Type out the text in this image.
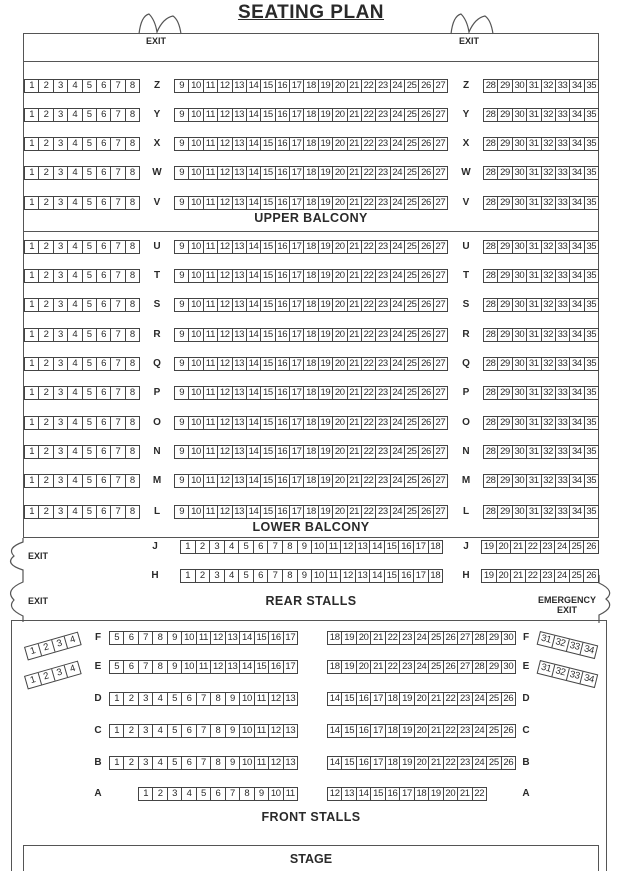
SEATING PLAN
EXIT	EXIT
EXIT
EXIT	EMERGENCY EXIT
UPPER BALCONY
LOWER BALCONY
REAR STALLS
FRONT STALLS
STAGE
1 2 3 4 5 6 7 8	Z	9 10 11 12 13 14 15 16 17 18 19 20 21 22 23 24 25 26 27	Z	28 29 30 31 32 33 34 35
1 2 3 4 5 6 7 8	Y	9 10 11 12 13 14 15 16 17 18 19 20 21 22 23 24 25 26 27	Y	28 29 30 31 32 33 34 35
1 2 3 4 5 6 7 8	X	9 10 11 12 13 14 15 16 17 18 19 20 21 22 23 24 25 26 27	X	28 29 30 31 32 33 34 35
1 2 3 4 5 6 7 8	W	9 10 11 12 13 14 15 16 17 18 19 20 21 22 23 24 25 26 27 W 28 29 30 31 32 33 34 35
1 2 3 4 5 6 7 8	V	9 10 11 12 13 14 15 16 17 18 19 20 21 22 23 24 25 26 27	V	28 29 30 31 32 33 34 35
1 2 3 4 5 6 7 8	U	9 10 11 12 13 14 15 16 17 18 19 20 21 22 23 24 25 26 27	U	28 29 30 31 32 33 34 35
1 2 3 4 5 6 7 8	T	9 10 11 12 13 14 15 16 17 18 19 20 21 22 23 24 25 26 27	T	28 29 30 31 32 33 34 35
1 2 3 4 5 6 7 8	S	9 10 11 12 13 14 15 16 17 18 19 20 21 22 23 24 25 26 27	S	28 29 30 31 32 33 34 35
1 2 3 4 5 6 7 8	R	9 10 11 12 13 14 15 16 17 18 19 20 21 22 23 24 25 26 27	R	28 29 30 31 32 33 34 35
1 2 3 4 5 6 7 8	Q	9 10 11 12 13 14 15 16 17 18 19 20 21 22 23 24 25 26 27	Q	28 29 30 31 32 33 34 35
1 2 3 4 5 6 7 8	P	9 10 11 12 13 14 15 16 17 18 19 20 21 22 23 24 25 26 27	P	28 29 30 31 32 33 34 35
1 2 3 4 5 6 7 8	O	9 10 11 12 13 14 15 16 17 18 19 20 21 22 23 24 25 26 27	O	28 29 30 31 32 33 34 35
1 2 3 4 5 6 7 8	N	9 10 11 12 13 14 15 16 17 18 19 20 21 22 23 24 25 26 27	N	28 29 30 31 32 33 34 35
1 2 3 4 5 6 7 8	M	9 10 11 12 13 14 15 16 17 18 19 20 21 22 23 24 25 26 27 M 28 29 30 31 32 33 34 35
1 2 3 4 5 6 7 8	L	9 10 11 12 13 14 15 16 17 18 19 20 21 22 23 24 25 26 27	L	28 29 30 31 32 33 34 35
J	1	2	3	4	5	6	7	8	9 10 11 12 13 14 15 16 17 18	J	19 20 21 22 23 24 25 26
H	1	2	3	4	5	6	7	8	9 10 11 12 13 14 15 16 17 18	H	19 20 21 22 23 24 25 26
F	5 6 7 8 9 10 11 12 13 14 15 16 17	18 19 20 21 22 23 24 25 26 27 28 29 30 F
1 2 3 4	31 32 33 34
E	5 6 7 8 9 10 11 12 13 14 15 16 17	18 19 20 21 22 23 24 25 26 27 28 29 30 E
1 2 3 4	31 32 33 34
D	1 2 3 4 5 6 7 8 9 10 11 12 13	14 15 16 17 18 19 20 21 22 23 24 25 26 D
C	1 2 3 4 5 6 7 8 9 10 11 12 13	14 15 16 17 18 19 20 21 22 23 24 25 26 C
B	1 2 3 4 5 6 7 8 9 10 11 12 13	14 15 16 17 18 19 20 21 22 23 24 25 26 B
A	1 2 3 4 5 6 7 8 9 10 11	12 13 14 15 16 17 18 19 20 21 22	A
